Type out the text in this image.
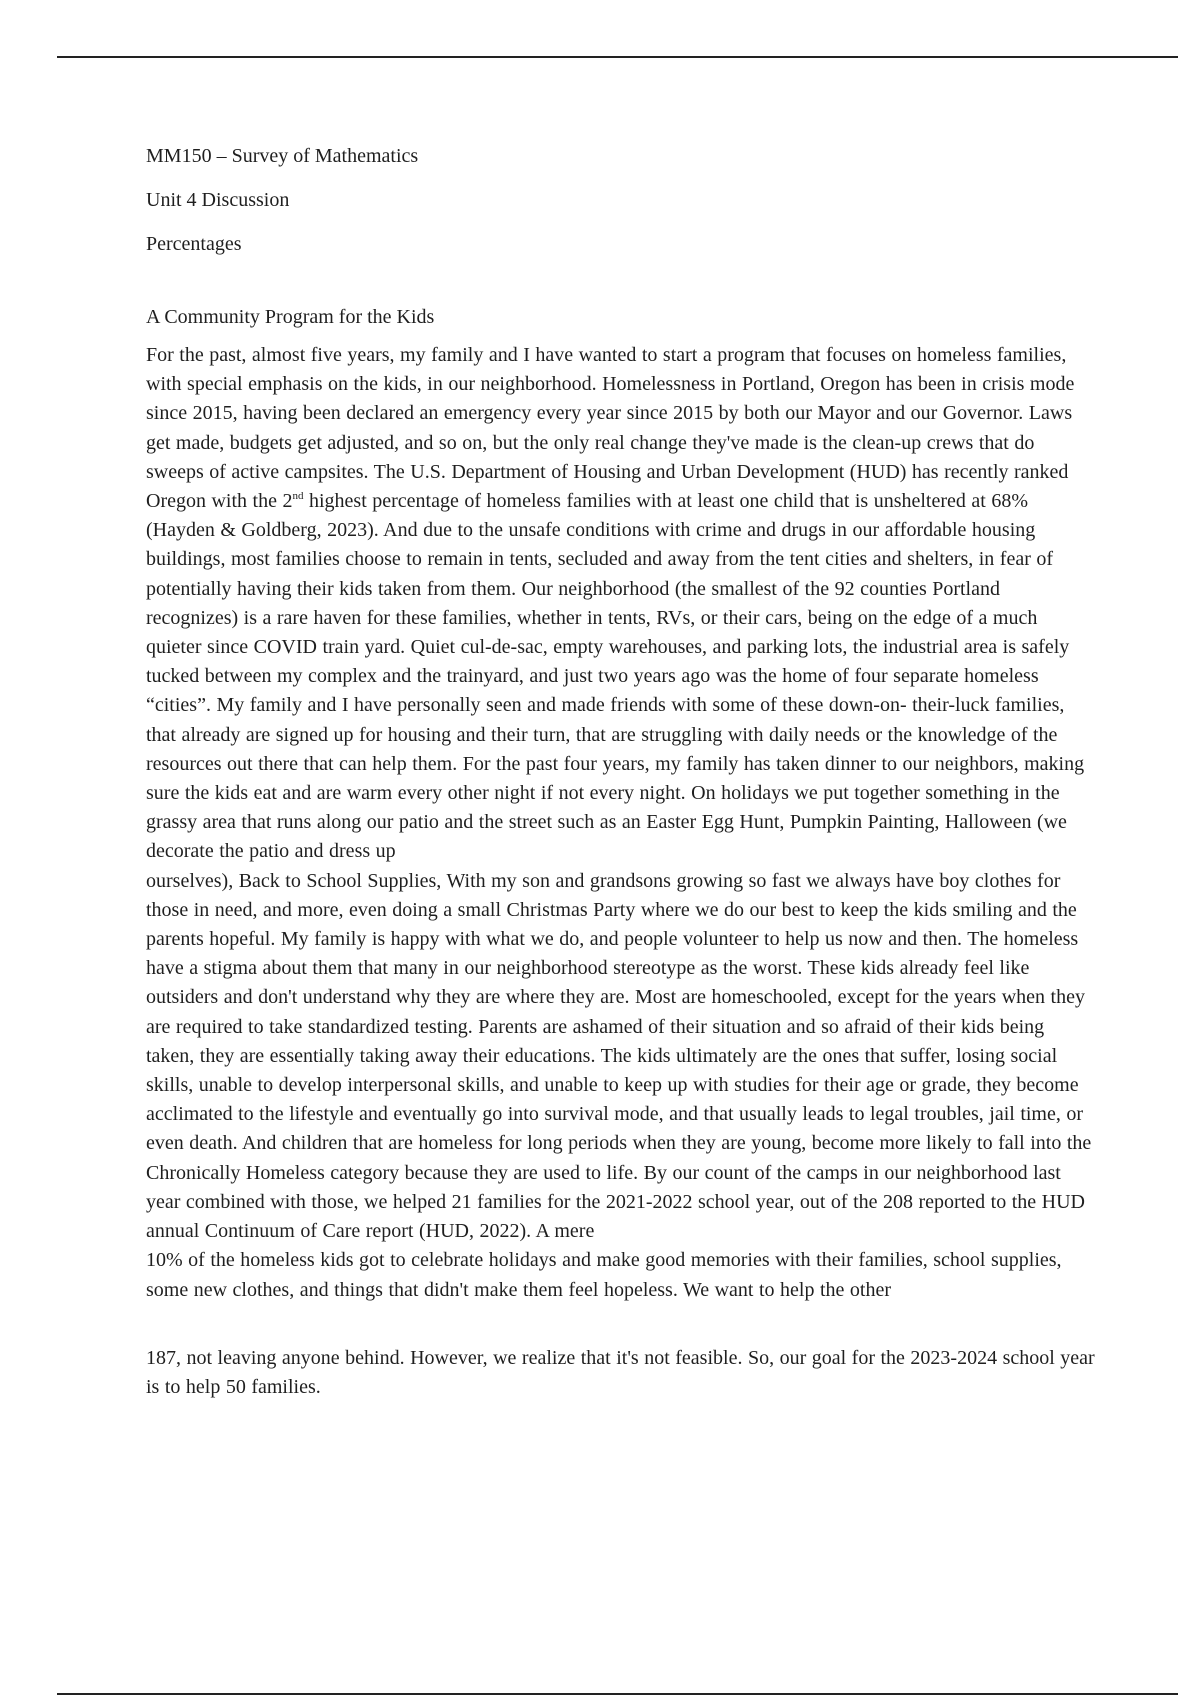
MM150 – Survey of Mathematics

Unit 4 Discussion

Percentages

A Community Program for the Kids

For the past, almost five years, my family and I have wanted to start a program that focuses on homeless families, with special emphasis on the kids, in our neighborhood. Homelessness in Portland, Oregon has been in crisis mode since 2015, having been declared an emergency every year since 2015 by both our Mayor and our Governor. Laws get made, budgets get adjusted, and so on, but the only real change they've made is the clean-up crews that do sweeps of active campsites. The U.S. Department of Housing and Urban Development (HUD) has recently ranked Oregon with the 2nd highest percentage of homeless families with at least one child that is unsheltered at 68% (Hayden & Goldberg, 2023). And due to the unsafe conditions with crime and drugs in our affordable housing buildings, most families choose to remain in tents, secluded and away from the tent cities and shelters, in fear of potentially having their kids taken from them. Our neighborhood (the smallest of the 92 counties Portland recognizes) is a rare haven for these families, whether in tents, RVs, or their cars, being on the edge of a much quieter since COVID train yard. Quiet cul-de-sac, empty warehouses, and parking lots, the industrial area is safely tucked between my complex and the trainyard, and just two years ago was the home of four separate homeless “cities”. My family and I have personally seen and made friends with some of these down-on- their-luck families, that already are signed up for housing and their turn, that are struggling with daily needs or the knowledge of the resources out there that can help them. For the past four years, my family has taken dinner to our neighbors, making sure the kids eat and are warm every other night if not every night. On holidays we put together something in the grassy area that runs along our patio and the street such as an Easter Egg Hunt, Pumpkin Painting, Halloween (we decorate the patio and dress up
ourselves), Back to School Supplies, With my son and grandsons growing so fast we always have boy clothes for those in need, and more, even doing a small Christmas Party where we do our best to keep the kids smiling and the parents hopeful. My family is happy with what we do, and people volunteer to help us now and then. The homeless have a stigma about them that many in our neighborhood stereotype as the worst. These kids already feel like outsiders and don't understand why they are where they are. Most are homeschooled, except for the years when they are required to take standardized testing. Parents are ashamed of their situation and so afraid of their kids being taken, they are essentially taking away their educations. The kids ultimately are the ones that suffer, losing social skills, unable to develop interpersonal skills, and unable to keep up with studies for their age or grade, they become acclimated to the lifestyle and eventually go into survival mode, and that usually leads to legal troubles, jail time, or even death. And children that are homeless for long periods when they are young, become more likely to fall into the Chronically Homeless category because they are used to life. By our count of the camps in our neighborhood last year combined with those, we helped 21 families for the 2021-2022 school year, out of the 208 reported to the HUD annual Continuum of Care report (HUD, 2022). A mere
10% of the homeless kids got to celebrate holidays and make good memories with their families, school supplies, some new clothes, and things that didn't make them feel hopeless. We want to help the other

187, not leaving anyone behind. However, we realize that it's not feasible. So, our goal for the 2023-2024 school year is to help 50 families.
